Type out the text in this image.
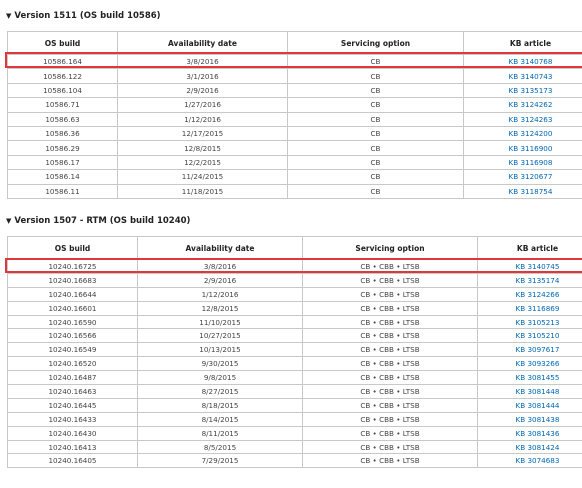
▼ Version 1511 (OS build 10586)
OS build	Availability date	Servicing option	KB article
10586.164	3/8/2016	CB	KB 3140768
10586.122	3/1/2016	CB	KB 3140743
10586.104	2/9/2016	CB	KB 3135173
10586.71	1/27/2016	CB	KB 3124262
10586.63	1/12/2016	CB	KB 3124263
10586.36	12/17/2015	CB	KB 3124200
10586.29	12/8/2015	CB	KB 3116900
10586.17	12/2/2015	CB	KB 3116908
10586.14	11/24/2015	CB	KB 3120677
10586.11	11/18/2015	CB	KB 3118754
▼ Version 1507 - RTM (OS build 10240)
OS build	Availability date	Servicing option	KB article
10240.16725	3/8/2016	CB • CBB • LTSB	KB 3140745
10240.16683	2/9/2016	CB • CBB • LTSB	KB 3135174
10240.16644	1/12/2016	CB • CBB • LTSB	KB 3124266
10240.16601	12/8/2015	CB • CBB • LTSB	KB 3116869
10240.16590	11/10/2015	CB • CBB • LTSB	KB 3105213
10240.16566	10/27/2015	CB • CBB • LTSB	KB 3105210
10240.16549	10/13/2015	CB • CBB • LTSB	KB 3097617
10240.16520	9/30/2015	CB • CBB • LTSB	KB 3093266
10240.16487	9/8/2015	CB • CBB • LTSB	KB 3081455
10240.16463	8/27/2015	CB • CBB • LTSB	KB 3081448
10240.16445	8/18/2015	CB • CBB • LTSB	KB 3081444
10240.16433	8/14/2015	CB • CBB • LTSB	KB 3081438
10240.16430	8/11/2015	CB • CBB • LTSB	KB 3081436
10240.16413	8/5/2015	CB • CBB • LTSB	KB 3081424
10240.16405	7/29/2015	CB • CBB • LTSB	KB 3074683
